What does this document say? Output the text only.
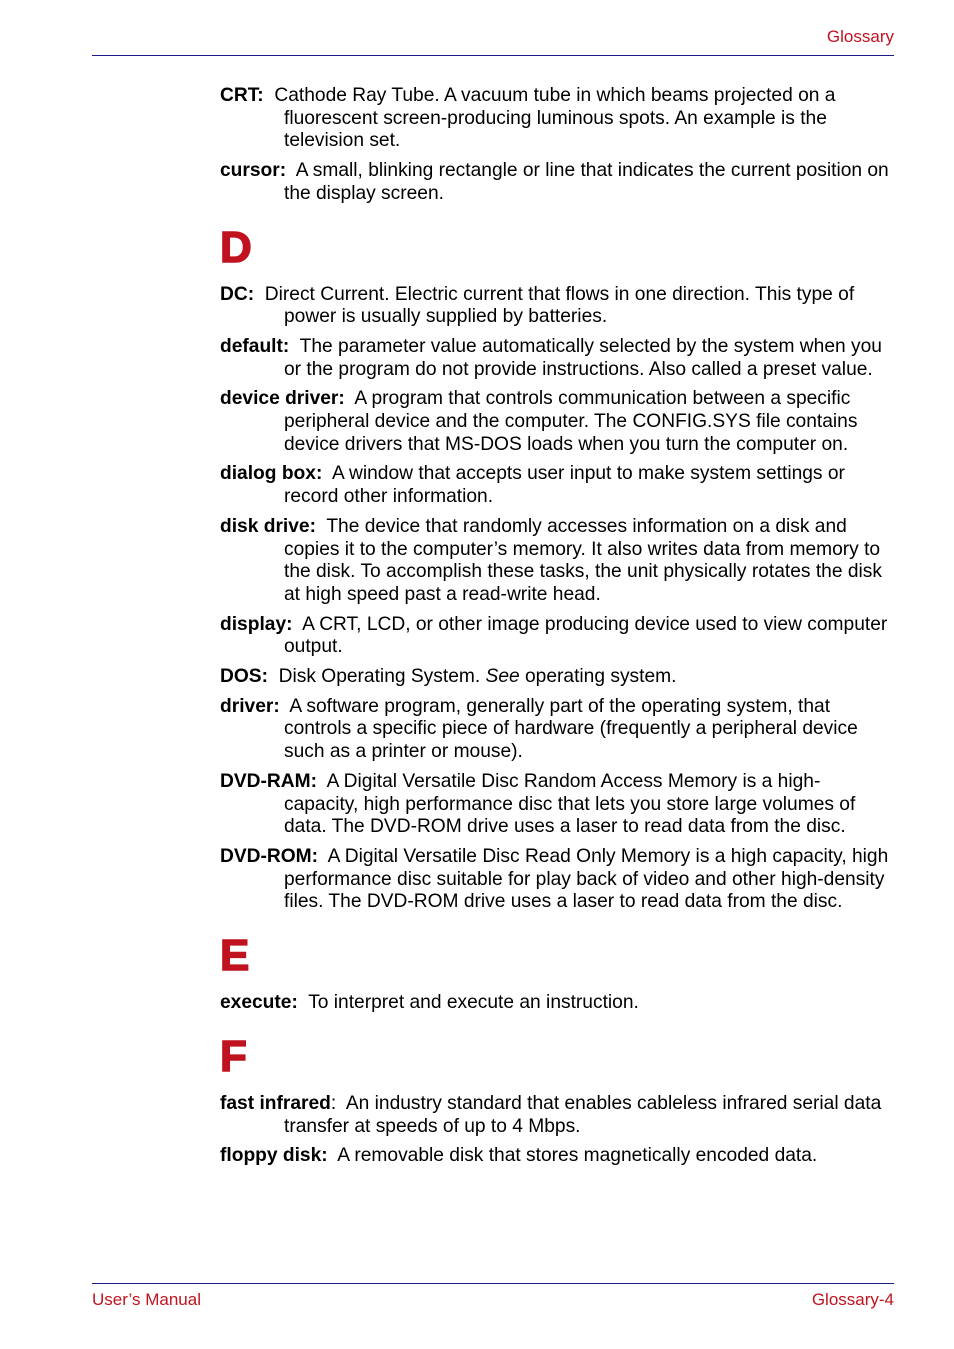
Glossary

CRT: Cathode Ray Tube. A vacuum tube in which beams projected on a fluorescent screen-producing luminous spots. An example is the television set.

cursor: A small, blinking rectangle or line that indicates the current position on the display screen.

D

DC: Direct Current. Electric current that flows in one direction. This type of power is usually supplied by batteries.

default: The parameter value automatically selected by the system when you or the program do not provide instructions. Also called a preset value.

device driver: A program that controls communication between a specific peripheral device and the computer. The CONFIG.SYS file contains device drivers that MS-DOS loads when you turn the computer on.

dialog box: A window that accepts user input to make system settings or record other information.

disk drive: The device that randomly accesses information on a disk and copies it to the computer’s memory. It also writes data from memory to the disk. To accomplish these tasks, the unit physically rotates the disk at high speed past a read-write head.

display: A CRT, LCD, or other image producing device used to view computer output.

DOS: Disk Operating System. See operating system.

driver: A software program, generally part of the operating system, that controls a specific piece of hardware (frequently a peripheral device such as a printer or mouse).

DVD-RAM: A Digital Versatile Disc Random Access Memory is a high-capacity, high performance disc that lets you store large volumes of data. The DVD-ROM drive uses a laser to read data from the disc.

DVD-ROM: A Digital Versatile Disc Read Only Memory is a high capacity, high performance disc suitable for play back of video and other high-density files. The DVD-ROM drive uses a laser to read data from the disc.

E

execute: To interpret and execute an instruction.

F

fast infrared: An industry standard that enables cableless infrared serial data transfer at speeds of up to 4 Mbps.

floppy disk: A removable disk that stores magnetically encoded data.

User’s Manual	Glossary-4
